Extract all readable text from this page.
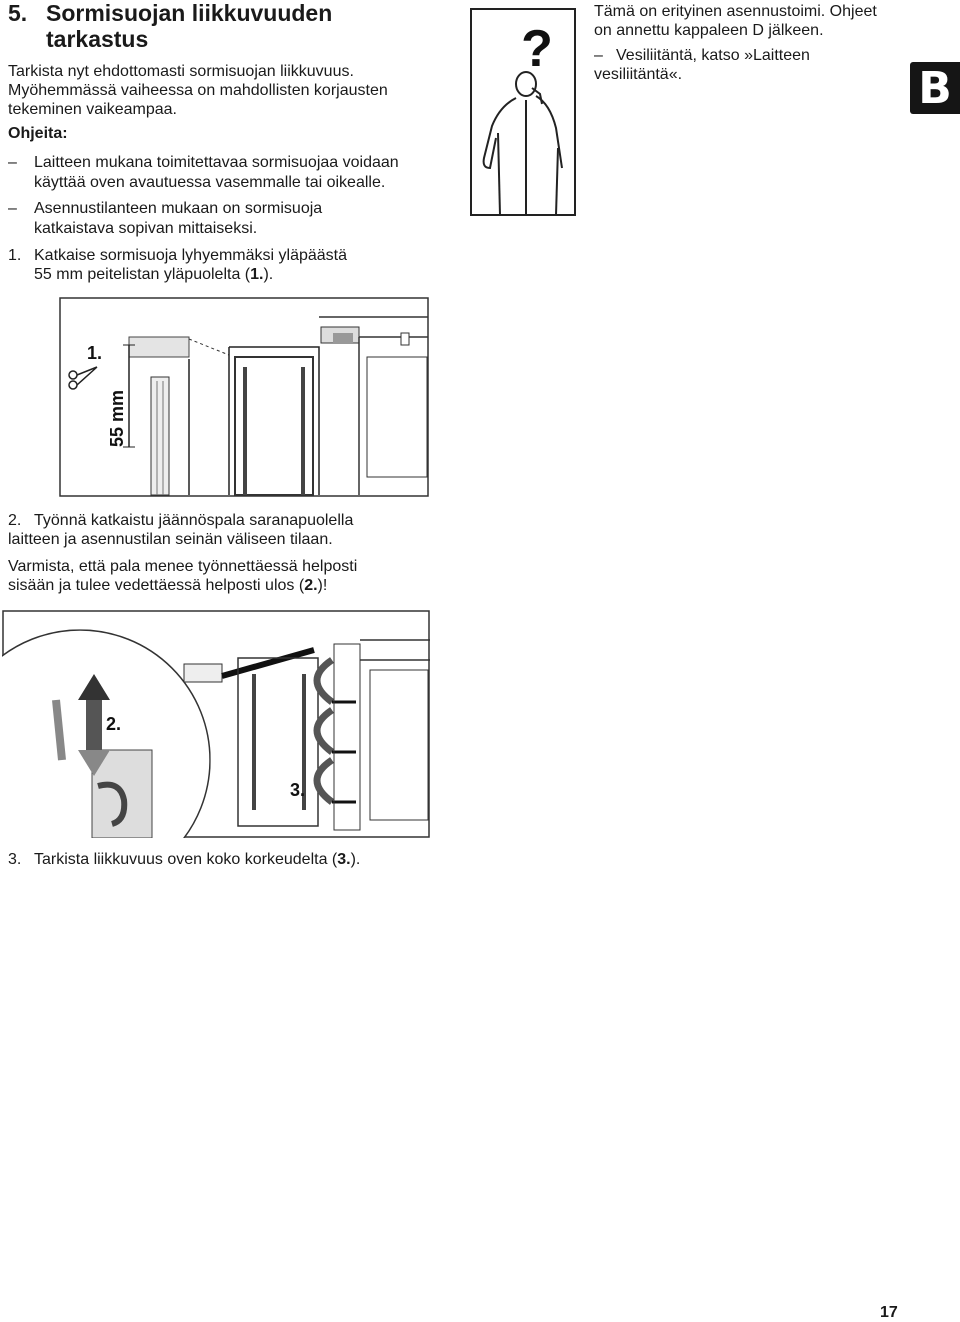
5. Sormisuojan liikkuvuuden
tarkastus
Tarkista nyt ehdottomasti sormisuojan liikkuvuus.
Myöhemmässä vaiheessa on mahdollisten korjausten
tekeminen vaikeampaa.
Ohjeita:
–	Laitteen mukana toimitettavaa sormisuojaa voidaan
käyttää oven avautuessa vasemmalle tai oikealle.
–	Asennustilanteen mukaan on sormisuoja
katkaistava sopivan mittaiseksi.
1. Katkaise sormisuoja lyhyemmäksi yläpäästä
55 mm peitelistan yläpuolelta (1.).
?
Tämä on erityinen asennustoimi. Ohjeet
on annettu kappaleen D jälkeen.
– Vesiliitäntä, katso »Laitteen
vesiliitäntä«.	B
1.
55 mm
2. Työnnä katkaistu jäännöspala saranapuolella
laitteen ja asennustilan seinän väliseen tilaan.
Varmista, että pala menee työnnettäessä helposti
sisään ja tulee vedettäessä helposti ulos (2.)!
2.
3.
3. Tarkista liikkuvuus oven koko korkeudelta (3.).
17
